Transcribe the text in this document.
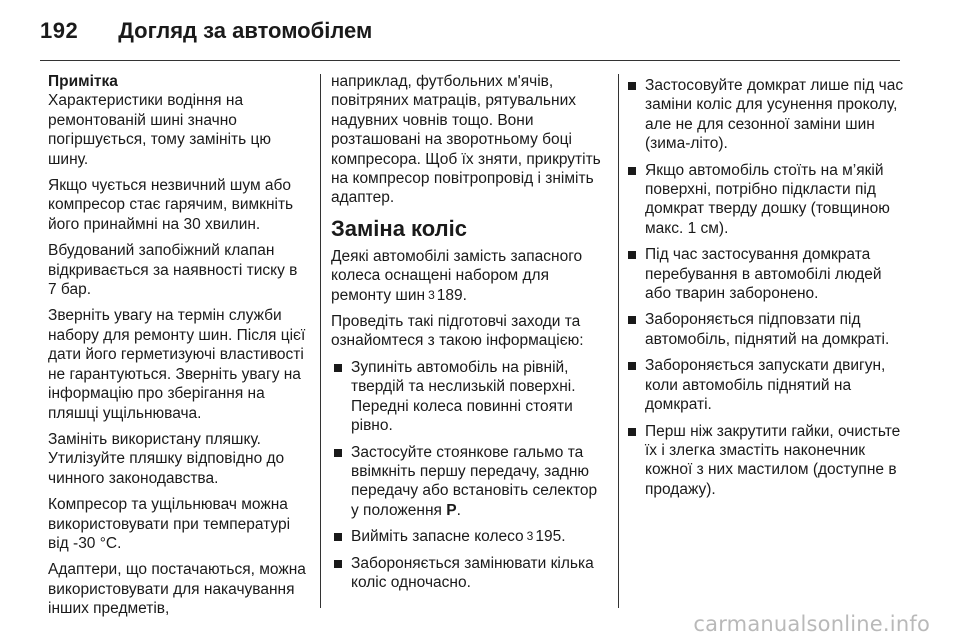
192 Догляд за автомобілем

Примітка
Характеристики водіння на ремонтованій шині значно погіршується, тому замініть цю шину.

Якщо чується незвичний шум або компресор стає гарячим, вимкніть його принаймні на 30 хвилин.

Вбудований запобіжний клапан відкривається за наявності тиску в 7 бар.

Зверніть увагу на термін служби набору для ремонту шин. Після цієї дати його герметизуючі властивості не гарантуються. Зверніть увагу на інформацію про зберігання на пляшці ущільнювача.

Замініть використану пляшку. Утилізуйте пляшку відповідно до чинного законодавства.

Компресор та ущільнювач можна використовувати при температурі від -30 °C.

Адаптери, що постачаються, можна використовувати для накачування інших предметів,

наприклад, футбольних м'ячів, повітряних матраців, рятувальних надувних човнів тощо. Вони розташовані на зворотньому боці компресора. Щоб їх зняти, прикрутіть на компресор повітропровід і зніміть адаптер.

Заміна коліс

Деякі автомобілі замість запасного колеса оснащені набором для ремонту шин 3 189.

Проведіть такі підготовчі заходи та ознайомтеся з такою інформацією:

Зупиніть автомобіль на рівній, твердій та неслизькій поверхні. Передні колеса повинні стояти рівно.
Застосуйте стоянкове гальмо та ввімкніть першу передачу, задню передачу або встановіть селектор у положення P.
Вийміть запасне колесо 3 195.
Забороняється замінювати кілька коліс одночасно.
Застосовуйте домкрат лише під час заміни коліс для усунення проколу, але не для сезонної заміни шин (зима-літо).
Якщо автомобіль стоїть на м’якій поверхні, потрібно підкласти під домкрат тверду дошку (товщиною макс. 1 см).
Під час застосування домкрата перебування в автомобілі людей або тварин заборонено.
Забороняється підповзати під автомобіль, піднятий на домкраті.
Забороняється запускати двигун, коли автомобіль піднятий на домкраті.
Перш ніж закрутити гайки, очистьте їх і злегка змастіть наконечник кожної з них мастилом (доступне в продажу).
carmanualsonline.info
